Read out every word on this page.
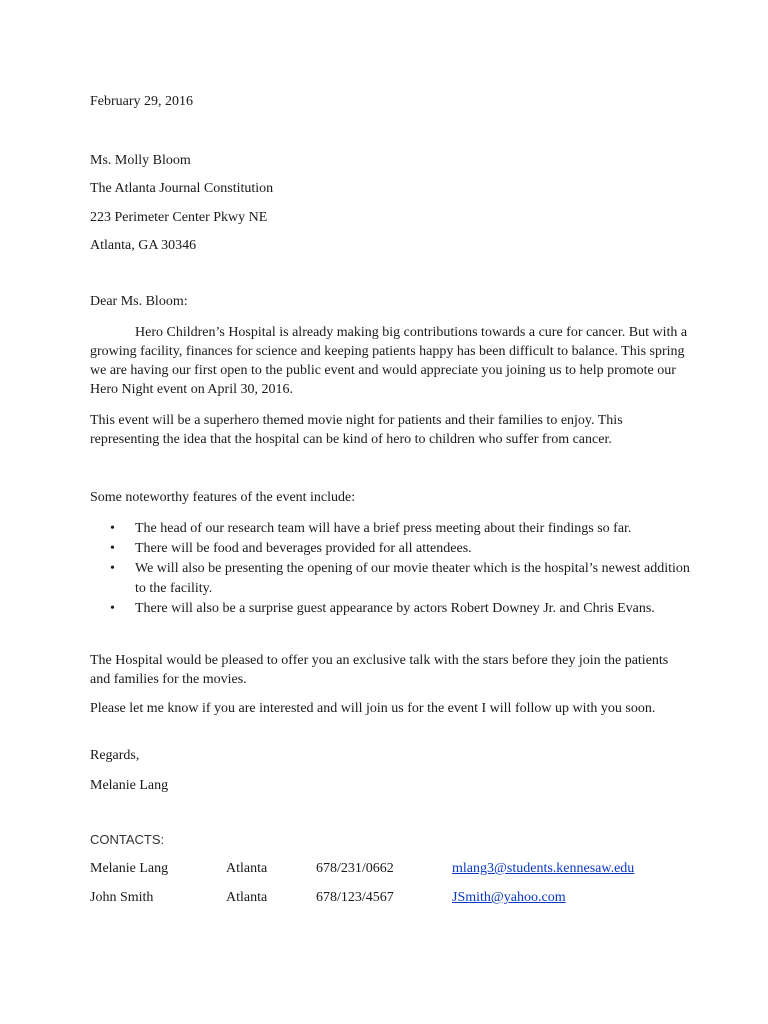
February 29, 2016

Ms. Molly Bloom

The Atlanta Journal Constitution

223 Perimeter Center Pkwy NE

Atlanta, GA 30346

Dear Ms. Bloom:

Hero Children’s Hospital is already making big contributions towards a cure for cancer. But with a growing facility, finances for science and keeping patients happy has been difficult to balance. This spring we are having our first open to the public event and would appreciate you joining us to help promote our Hero Night event on April 30, 2016.

This event will be a superhero themed movie night for patients and their families to enjoy. This representing the idea that the hospital can be kind of hero to children who suffer from cancer.

Some noteworthy features of the event include:

• The head of our research team will have a brief press meeting about their findings so far.
• There will be food and beverages provided for all attendees.
• We will also be presenting the opening of our movie theater which is the hospital’s newest addition to the facility.
• There will also be a surprise guest appearance by actors Robert Downey Jr. and Chris Evans.

The Hospital would be pleased to offer you an exclusive talk with the stars before they join the patients and families for the movies.

Please let me know if you are interested and will join us for the event I will follow up with you soon.

Regards,

Melanie Lang

CONTACTS:

Melanie Lang	Atlanta	678/231/0662	mlang3@students.kennesaw.edu
John Smith	Atlanta	678/123/4567	JSmith@yahoo.com
